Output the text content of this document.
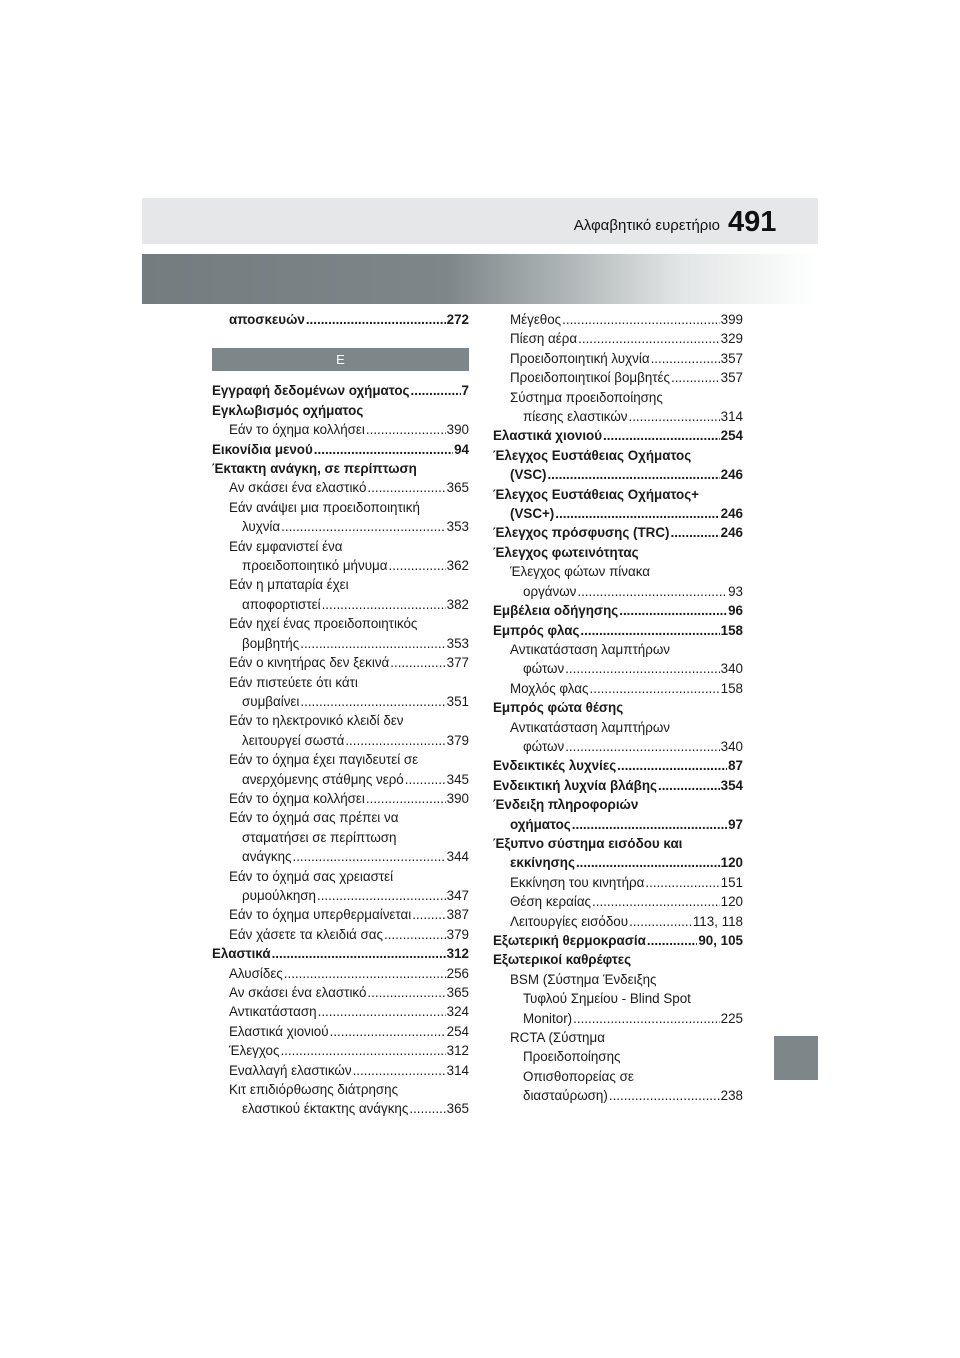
Αλφαβητικό ευρετήριο 491
αποσκευών .....	272
Ε
Εγγραφή δεδομένων οχήματος .....	7
Εγκλωβισμός οχήματος
Εάν το όχημα κολλήσει .....	390
Εικονίδια μενού .....	94
Έκτακτη ανάγκη, σε περίπτωση
Αν σκάσει ένα ελαστικό .....	365
Εάν ανάψει μια προειδοποιητική
λυχνία .....	353
Εάν εμφανιστεί ένα
προειδοποιητικό μήνυμα .....	362
Εάν η μπαταρία έχει
αποφορτιστεί .....	382
Εάν ηχεί ένας προειδοποιητικός
βομβητής .....	353
Εάν ο κινητήρας δεν ξεκινά .....	377
Εάν πιστεύετε ότι κάτι
συμβαίνει .....	351
Εάν το ηλεκτρονικό κλειδί δεν
λειτουργεί σωστά .....	379
Εάν το όχημα έχει παγιδευτεί σε
ανερχόμενης στάθμης νερό .....	345
Εάν το όχημα κολλήσει .....	390
Εάν το όχημά σας πρέπει να
σταματήσει σε περίπτωση
ανάγκης .....	344
Εάν το όχημά σας χρειαστεί
ρυμούλκηση .....	347
Εάν το όχημα υπερθερμαίνεται .....	387
Εάν χάσετε τα κλειδιά σας .....	379
Ελαστικά .....	312
Αλυσίδες .....	256
Αν σκάσει ένα ελαστικό .....	365
Αντικατάσταση .....	324
Ελαστικά χιονιού .....	254
Έλεγχος .....	312
Εναλλαγή ελαστικών .....	314
Κιτ επιδιόρθωσης διάτρησης
ελαστικού έκτακτης ανάγκης .....	365
Μέγεθος .....	399
Πίεση αέρα .....	329
Προειδοποιητική λυχνία .....	357
Προειδοποιητικοί βομβητές .....	357
Σύστημα προειδοποίησης
πίεσης ελαστικών .....	314
Ελαστικά χιονιού .....	254
Έλεγχος Ευστάθειας Οχήματος
(VSC) .....	246
Έλεγχος Ευστάθειας Οχήματος+
(VSC+) .....	246
Έλεγχος πρόσφυσης (TRC) .....	246
Έλεγχος φωτεινότητας
Έλεγχος φώτων πίνακα
οργάνων .....	93
Εμβέλεια οδήγησης .....	96
Εμπρός φλας .....	158
Αντικατάσταση λαμπτήρων
φώτων .....	340
Μοχλός φλας .....	158
Εμπρός φώτα θέσης
Αντικατάσταση λαμπτήρων
φώτων .....	340
Ενδεικτικές λυχνίες .....	87
Ενδεικτική λυχνία βλάβης .....	354
Ένδειξη πληροφοριών
οχήματος .....	97
Έξυπνο σύστημα εισόδου και
εκκίνησης .....	120
Εκκίνηση του κινητήρα .....	151
Θέση κεραίας .....	120
Λειτουργίες εισόδου .....	113, 118
Εξωτερική θερμοκρασία .....	90, 105
Εξωτερικοί καθρέφτες
BSM (Σύστημα Ένδειξης
Τυφλού Σημείου - Blind Spot
Monitor) .....	225
RCTA (Σύστημα
Προειδοποίησης
Οπισθοπορείας σε
διασταύρωση) .....	238
